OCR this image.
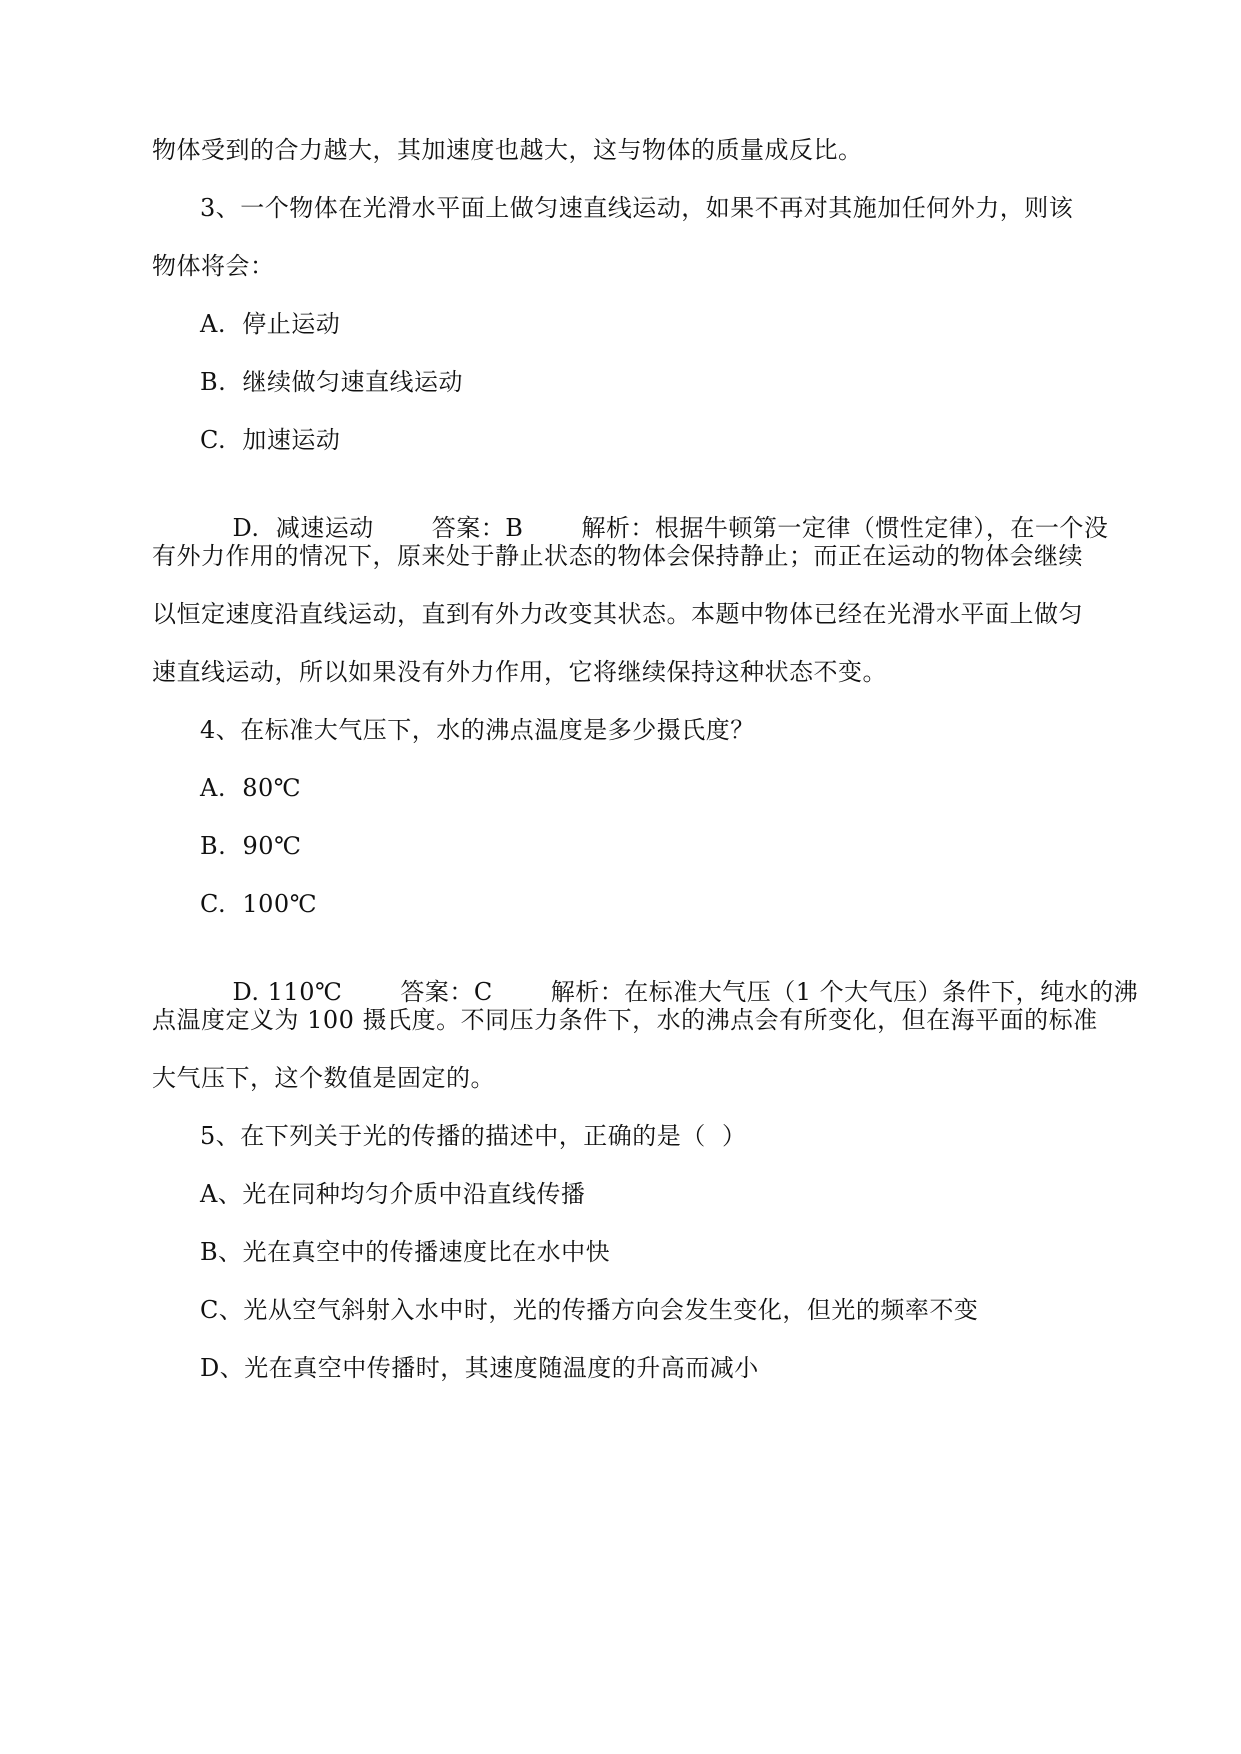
物体受到的合力越大，其加速度也越大，这与物体的质量成反比。
3、一个物体在光滑水平面上做匀速直线运动，如果不再对其施加任何外力，则该
物体将会：
A.  停止运动
B.  继续做匀速直线运动
C.  加速运动

D.  减速运动 答案：B 解析：根据牛顿第一定律（惯性定律），在一个没

有外力作用的情况下，原来处于静止状态的物体会保持静止；而正在运动的物体会继续
以恒定速度沿直线运动，直到有外力改变其状态。本题中物体已经在光滑水平面上做匀
速直线运动，所以如果没有外力作用，它将继续保持这种状态不变。
4、在标准大气压下，水的沸点温度是多少摄氏度？
A.  80℃
B.  90℃
C.  100℃

D. 110℃ 答案：C 解析：在标准大气压（1 个大气压）条件下，纯水的沸

点温度定义为 100 摄氏度。不同压力条件下，水的沸点会有所变化，但在海平面的标准
大气压下，这个数值是固定的。
5、在下列关于光的传播的描述中，正确的是（  ）
A、光在同种均匀介质中沿直线传播
B、光在真空中的传播速度比在水中快
C、光从空气斜射入水中时，光的传播方向会发生变化，但光的频率不变
D、光在真空中传播时，其速度随温度的升高而减小
